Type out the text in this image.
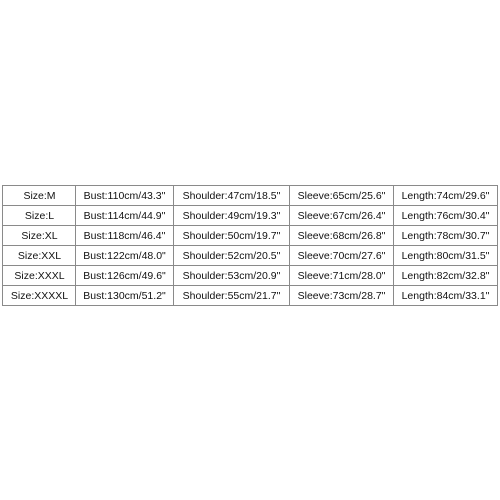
Size:M	Bust:110cm/43.3"	Shoulder:47cm/18.5"	Sleeve:65cm/25.6"	Length:74cm/29.6"
Size:L	Bust:114cm/44.9"	Shoulder:49cm/19.3"	Sleeve:67cm/26.4"	Length:76cm/30.4"
Size:XL	Bust:118cm/46.4"	Shoulder:50cm/19.7"	Sleeve:68cm/26.8"	Length:78cm/30.7"
Size:XXL	Bust:122cm/48.0"	Shoulder:52cm/20.5"	Sleeve:70cm/27.6"	Length:80cm/31.5"
Size:XXXL	Bust:126cm/49.6"	Shoulder:53cm/20.9"	Sleeve:71cm/28.0"	Length:82cm/32.8"
Size:XXXXL	Bust:130cm/51.2"	Shoulder:55cm/21.7"	Sleeve:73cm/28.7"	Length:84cm/33.1"
